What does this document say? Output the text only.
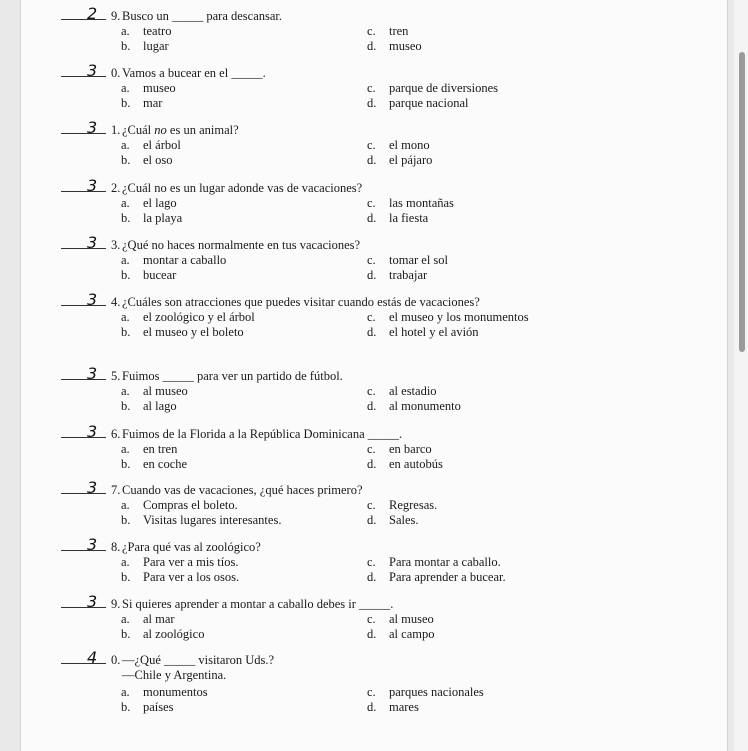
2 9. Busco un _____ para descansar.
a. teatro	c. tren
b. lugar	d. museo
3 0. Vamos a bucear en el _____.
a. museo	c. parque de diversiones
b. mar	d. parque nacional
3 1. ¿Cuál no es un animal?
a. el árbol	c. el mono
b. el oso	d. el pájaro
3 2. ¿Cuál no es un lugar adonde vas de vacaciones?
a. el lago	c. las montañas
b. la playa	d. la fiesta
3 3. ¿Qué no haces normalmente en tus vacaciones?
a. montar a caballo	c. tomar el sol
b. bucear	d. trabajar
3 4. ¿Cuáles son atracciones que puedes visitar cuando estás de vacaciones?
a. el zoológico y el árbol	c. el museo y los monumentos
b. el museo y el boleto	d. el hotel y el avión
3 5. Fuimos _____ para ver un partido de fútbol.
a. al museo	c. al estadio
b. al lago	d. al monumento
3 6. Fuimos de la Florida a la República Dominicana _____.
a. en tren	c. en barco
b. en coche	d. en autobús
3 7. Cuando vas de vacaciones, ¿qué haces primero?
a. Compras el boleto.	c. Regresas.
b. Visitas lugares interesantes.	d. Sales.
3 8. ¿Para qué vas al zoológico?
a. Para ver a mis tíos.	c. Para montar a caballo.
b. Para ver a los osos.	d. Para aprender a bucear.
3 9. Si quieres aprender a montar a caballo debes ir _____.
a. al mar	c. al museo
b. al zoológico	d. al campo
4 0. —¿Qué _____ visitaron Uds.?
—Chile y Argentina.
a. monumentos	c. parques nacionales
b. países	d. mares
